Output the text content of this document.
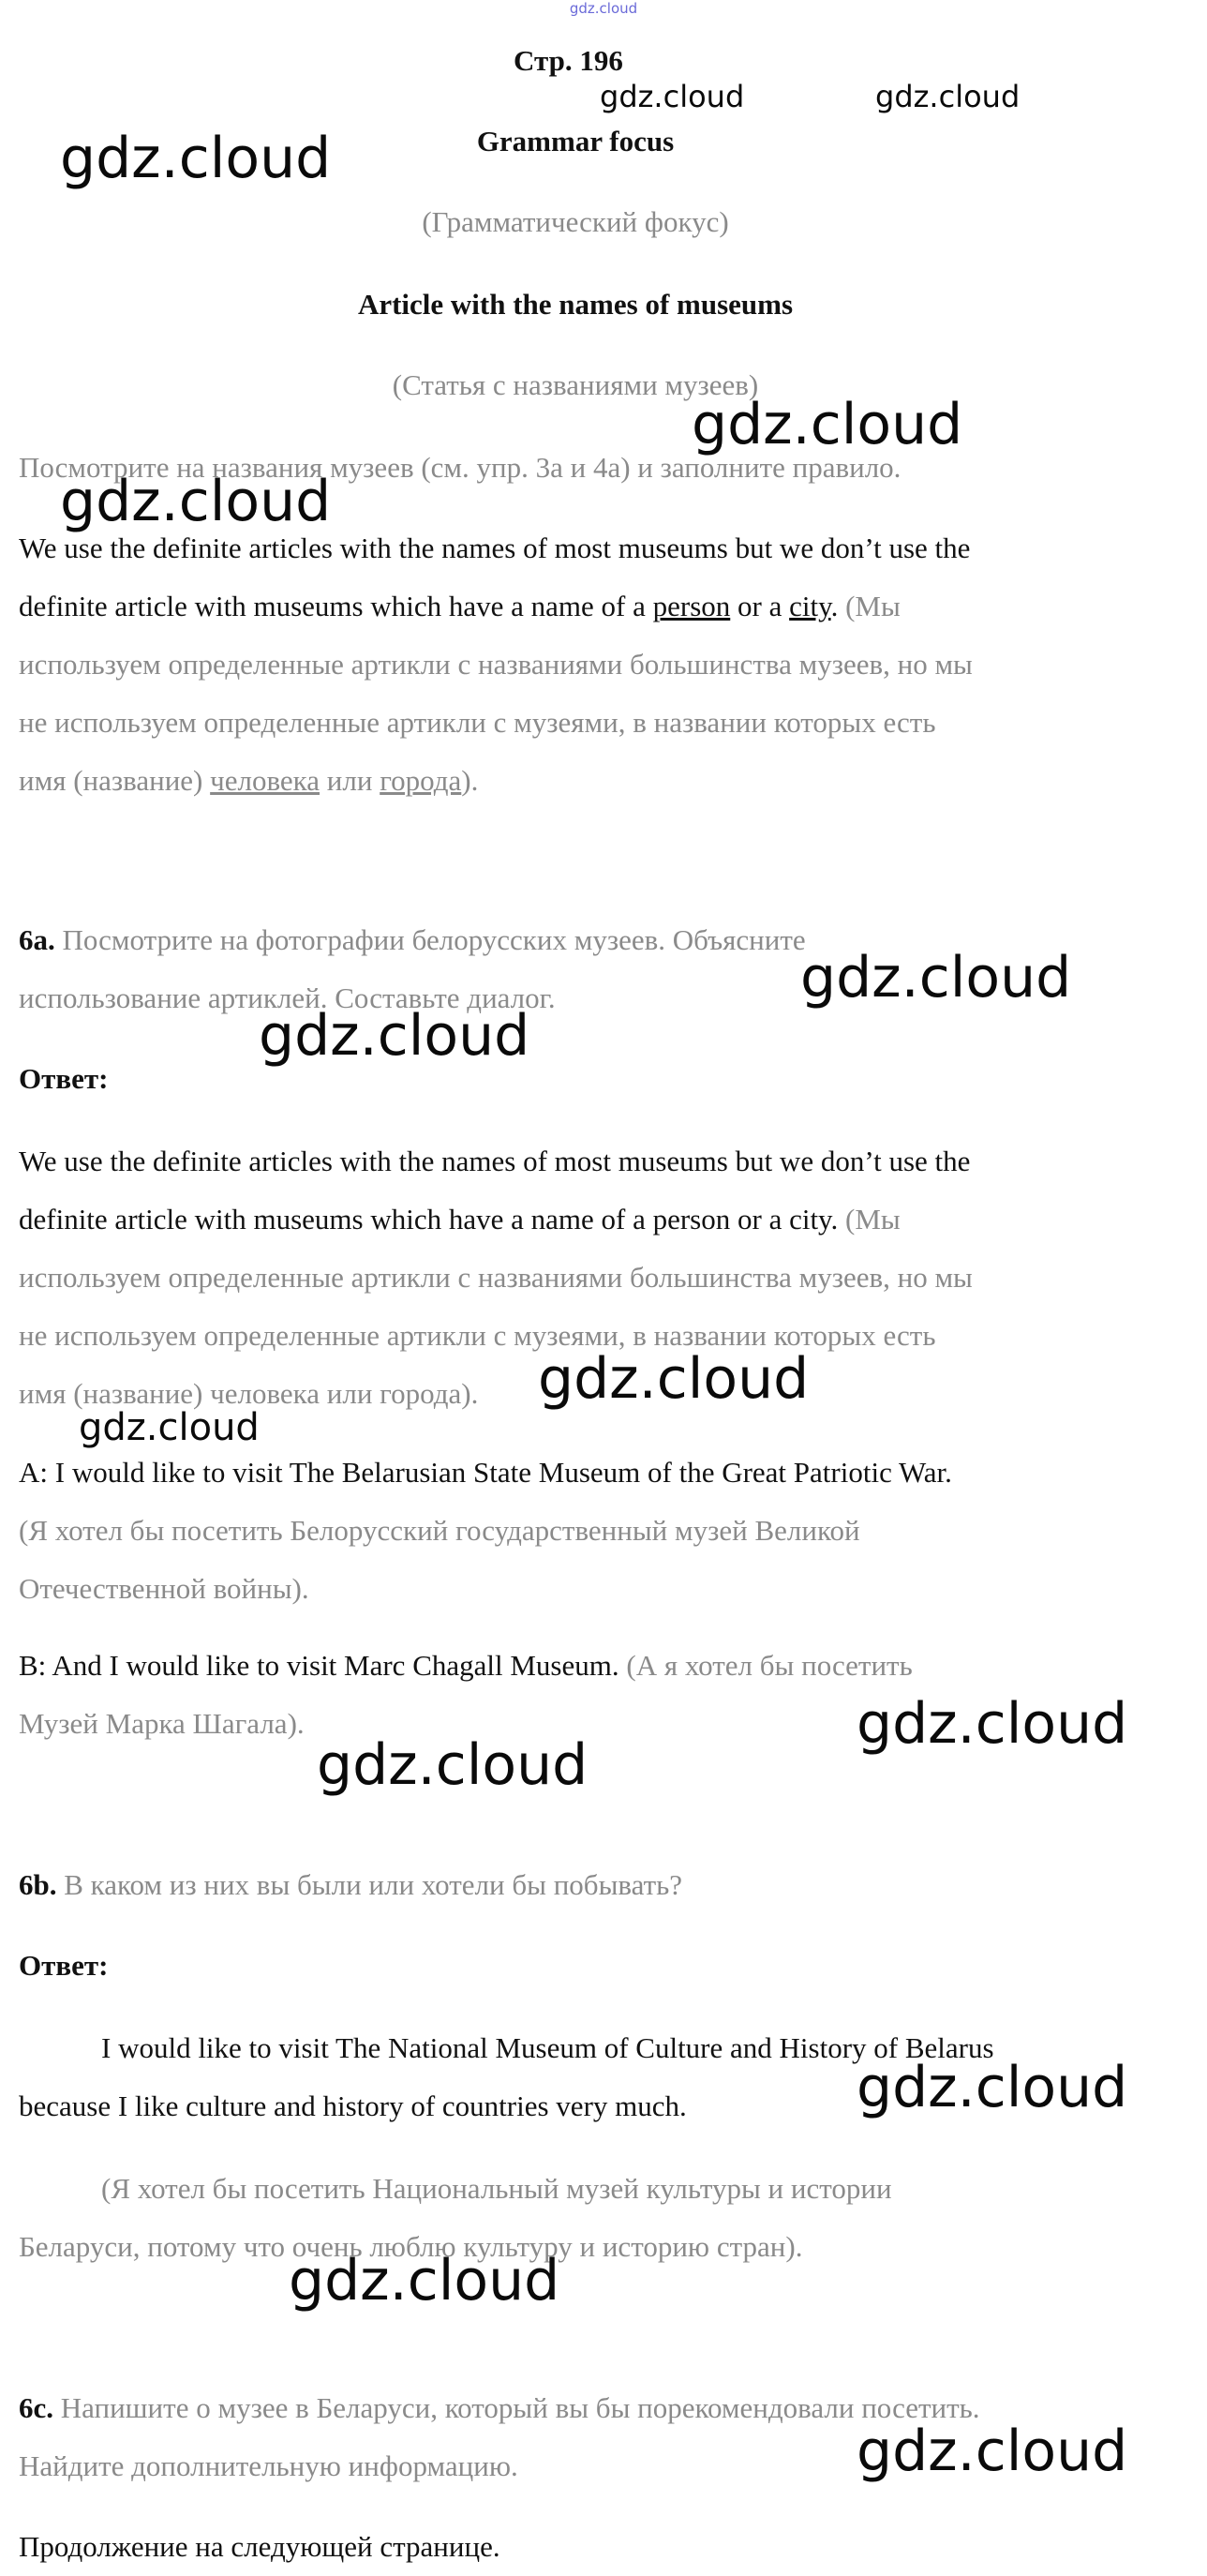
gdz.cloud
Стр. 196
Grammar focus
(Грамматический фокус)
Article with the names of museums
(Статья с названиями музеев)
Посмотрите на названия музеев (см. упр. 3а и 4а) и заполните правило.
We use the definite articles with the names of most museums but we don’t use the
definite article with museums which have a name of a person or a city. (Мы
используем определенные артикли с названиями большинства музеев, но мы
не используем определенные артикли с музеями, в названии которых есть
имя (название) человека или города).
6a. Посмотрите на фотографии белорусских музеев. Объясните
использование артиклей. Составьте диалог.
Ответ:
We use the definite articles with the names of most museums but we don’t use the
definite article with museums which have a name of a person or a city. (Мы
используем определенные артикли с названиями большинства музеев, но мы
не используем определенные артикли с музеями, в названии которых есть
имя (название) человека или города).
A: I would like to visit The Belarusian State Museum of the Great Patriotic War.
(Я хотел бы посетить Белорусский государственный музей Великой
Отечественной войны).
B: And I would like to visit Marc Chagall Museum. (А я хотел бы посетить
Музей Марка Шагала).
6b. В каком из них вы были или хотели бы побывать?
Ответ:
I would like to visit The National Museum of Culture and History of Belarus
because I like culture and history of countries very much.
(Я хотел бы посетить Национальный музей культуры и истории
Беларуси, потому что очень люблю культуру и историю стран).
6c. Напишите о музее в Беларуси, который вы бы порекомендовали посетить.
Найдите дополнительную информацию.
Продолжение на следующей странице.
gdz.cloud	gdz.cloud
gdz.cloud
gdz.cloud
gdz.cloud
gdz.cloud
gdz.cloud
gdz.cloud
gdz.cloud
gdz.cloud
gdz.cloud
gdz.cloud
gdz.cloud
gdz.cloud
